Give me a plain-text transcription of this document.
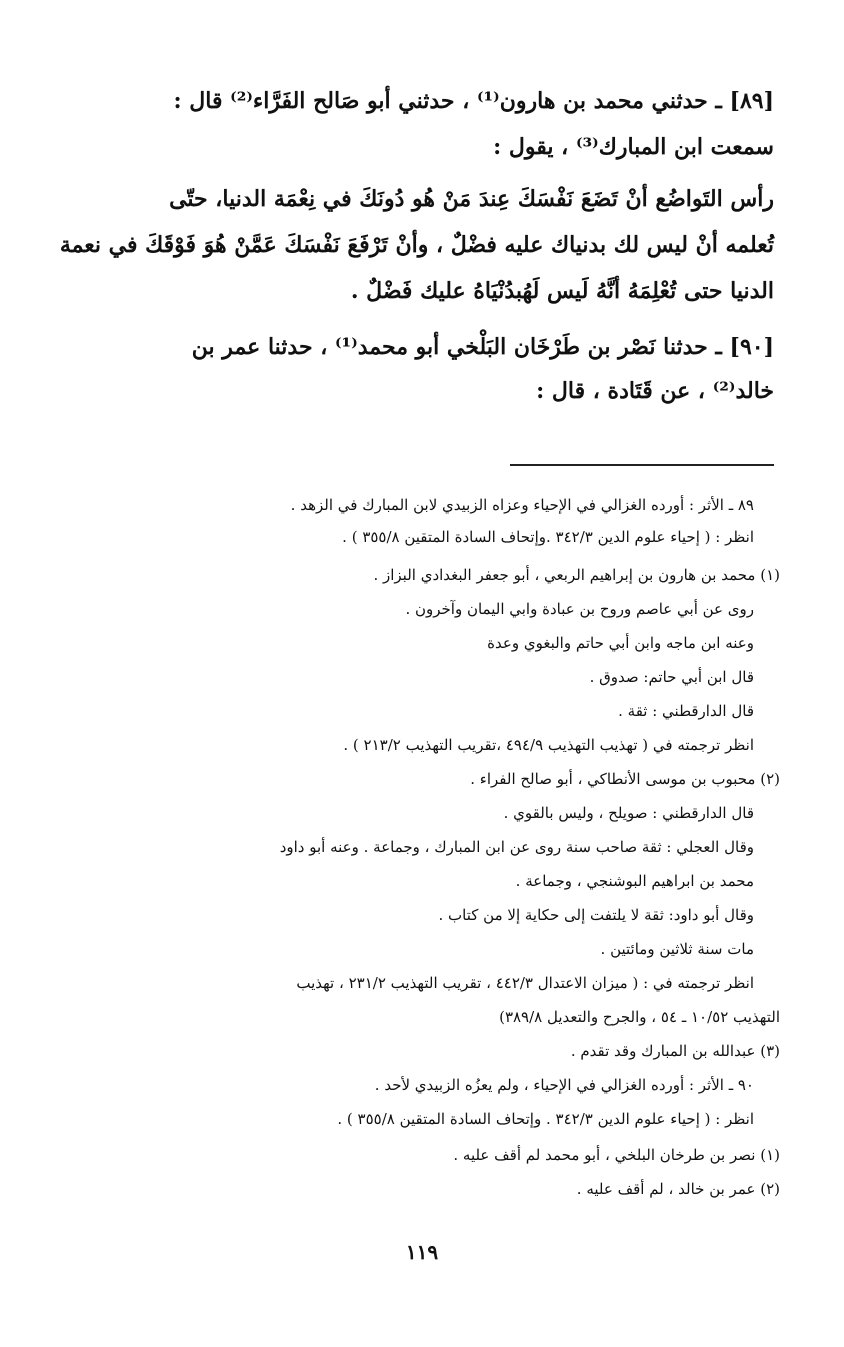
[٨٩] ـ حدثني محمد بن هارون⁽¹⁾ ، حدثني أبو صَالح الفَرَّاء⁽²⁾ قال :
سمعت ابن المبارك⁽³⁾ ، يقول :
رأس التَواضُع أنْ تَضَعَ نَفْسَكَ عِندَ مَنْ هُو دُونَكَ في نِعْمَة الدنيا، حتّى
تُعلمه أنْ ليس لك بدنياك عليه فضْلٌ ، وأنْ تَرْفَعَ نَفْسَكَ عَمَّنْ هُوَ فَوْقَكَ في نعمة
الدنيا حتى تُعْلِمَهُ أنَّهُ لَيس لَهُبدُنْيَاهُ عليك فَضْلٌ .
[٩٠] ـ حدثنا نَصْر بن طَرْخَان البَلْخي أبو محمد⁽¹⁾ ، حدثنا عمر بن
خالد⁽²⁾ ، عن قَتَادة ، قال :
٨٩ ـ الأثر : أورده الغزالي في الإحياء وعزاه الزبيدي لابن المبارك في الزهد .
انظر : ( إحياء علوم الدين ٣٤٢/٣ .وإتحاف السادة المتقين ٣٥٥/٨ ) .
(١) محمد بن هارون بن إبراهيم الربعي ، أبو جعفر البغدادي البزاز .
روى عن أبي عاصم وروح بن عبادة وابي اليمان وآخرون .
وعنه ابن ماجه وابن أبي حاتم والبغوي وعدة
قال ابن أبي حاتم: صدوق .
قال الدارقطني : ثقة .
انظر ترجمته في ( تهذيب التهذيب ٤٩٤/٩ ،تقريب التهذيب ٢١٣/٢ ) .
(٢) محبوب بن موسى الأنطاكي ، أبو صالح الفراء .
قال الدارقطني : صويلح ، وليس بالقوي .
وقال العجلي : ثقة صاحب سنة روى عن ابن المبارك ، وجماعة . وعنه أبو داود
محمد بن ابراهيم البوشنجي ، وجماعة .
وقال أبو داود: ثقة لا يلتفت إلى حكاية إلا من كتاب .
مات سنة ثلاثين ومائتين .
انظر ترجمته في : ( ميزان الاعتدال ٤٤٢/٣ ، تقريب التهذيب ٢٣١/٢ ، تهذيب
التهذيب ١٠/٥٢ ـ ٥٤ ، والجرح والتعديل ٣٨٩/٨)
(٣) عبدالله بن المبارك وقد تقدم .
٩٠ ـ الأثر : أورده الغزالي في الإحياء ، ولم يعزُه الزبيدي لأحد .
انظر : ( إحياء علوم الدين ٣٤٢/٣ . وإتحاف السادة المتقين ٣٥٥/٨ ) .
(١) نصر بن طرخان البلخي ، أبو محمد لم أقف عليه .
(٢) عمر بن خالد ، لم أقف عليه .
١١٩
